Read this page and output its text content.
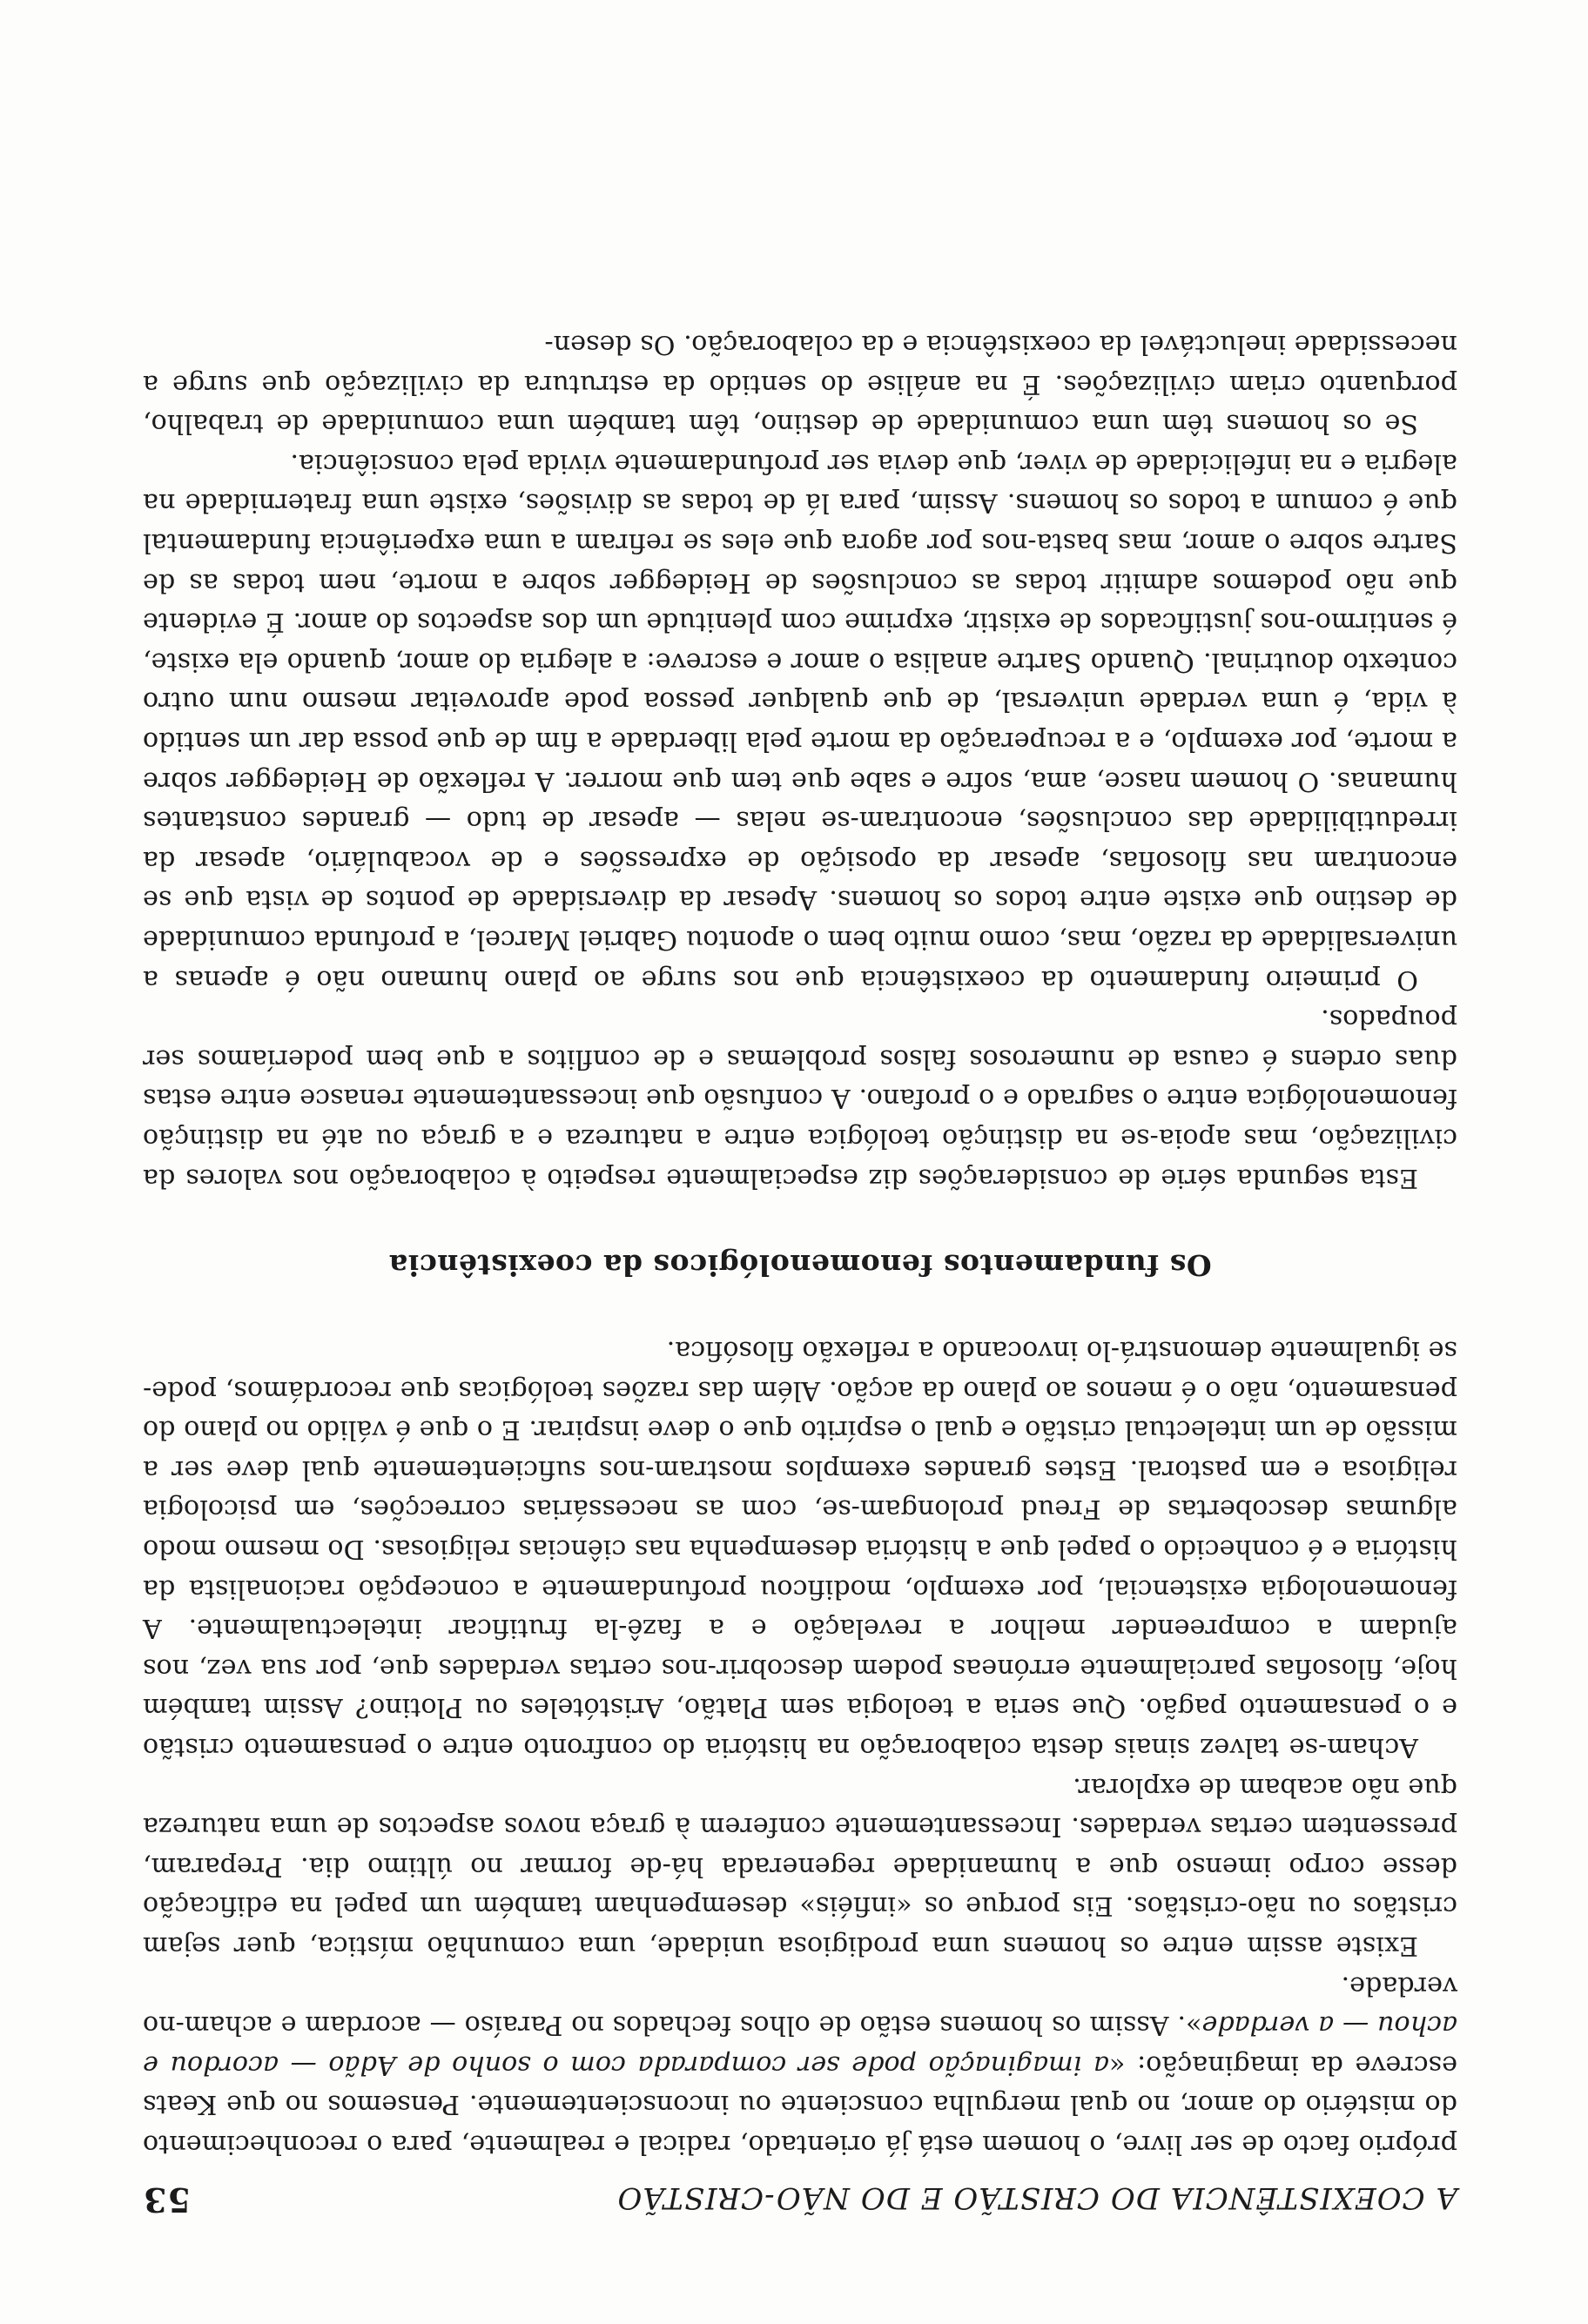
A COEXISTÊNCIA DO CRISTÃO E DO NÃO-CRISTÃO
53

próprio facto de ser livre, o homem está já orientado, radical e realmente, para o reconhecimento do mistério do amor, no qual mergulha consciente ou inconscientemente. Pensemos no que Keats escreve da imaginação: «a imaginação pode ser comparada com o sonho de Adão — acordou e achou — a verdade». Assim os homens estão de olhos fechados no Paraíso — acordam e acham-no verdade.

Existe assim entre os homens uma prodigiosa unidade, uma comunhão mística, quer sejam cristãos ou não-cristãos. Eis porque os «infiéis» desempenham também um papel na edificação desse corpo imenso que a humanidade regenerada há-de formar no último dia. Preparam, pressentem certas verdades. Incessantemente conferem à graça novos aspectos de uma natureza que não acabam de explorar.

Acham-se talvez sinais desta colaboração na história do confronto entre o pensamento cristão e o pensamento pagão. Que seria a teologia sem Platão, Aristóteles ou Plotino? Assim também hoje, filosofias parcialmente erróneas podem descobrir-nos certas verdades que, por sua vez, nos ajudam a compreender melhor a revelação e a fazê-la frutificar intelectualmente. A fenomenologia existencial, por exemplo, modificou profundamente a concepção racionalista da história e é conhecido o papel que a história desempenha nas ciências religiosas. Do mesmo modo algumas descobertas de Freud prolongam-se, com as necessárias correcções, em psicologia religiosa e em pastoral. Estes grandes exemplos mostram-nos suficientemente qual deve ser a missão de um intelectual cristão e qual o espírito que o deve inspirar. E o que é válido no plano do pensamento, não o é menos ao plano da acção. Além das razões teológicas que recordámos, pode-se igualmente demonstrá-lo invocando a reflexão filosófica.

Os fundamentos fenomenológicos da coexistência

Esta segunda série de considerações diz especialmente respeito à colaboração nos valores da civilização, mas apoia-se na distinção teológica entre a natureza e a graça ou até na distinção fenomenológica entre o sagrado e o profano. A confusão que incessantemente renasce entre estas duas ordens é causa de numerosos falsos problemas e de conflitos a que bem poderíamos ser poupados.

O primeiro fundamento da coexistência que nos surge ao plano humano não é apenas a universalidade da razão, mas, como muito bem o apontou Gabriel Marcel, a profunda comunidade de destino que existe entre todos os homens. Apesar da diversidade de pontos de vista que se encontram nas filosofias, apesar da oposição de expressões e de vocabulário, apesar da irredutibilidade das conclusões, encontram-se nelas — apesar de tudo — grandes constantes humanas. O homem nasce, ama, sofre e sabe que tem que morrer. A reflexão de Heidegger sobre a morte, por exemplo, e a recuperação da morte pela liberdade a fim de que possa dar um sentido à vida, é uma verdade universal, de que qualquer pessoa pode aproveitar mesmo num outro contexto doutrinal. Quando Sartre analisa o amor e escreve: a alegria do amor, quando ela existe, é sentirmo-nos justificados de existir, exprime com plenitude um dos aspectos do amor. É evidente que não podemos admitir todas as conclusões de Heidegger sobre a morte, nem todas as de Sartre sobre o amor, mas basta-nos por agora que eles se refiram a uma experiência fundamental que é comum a todos os homens. Assim, para lá de todas as divisões, existe uma fraternidade na alegria e na infelicidade de viver, que devia ser profundamente vivida pela consciência.

Se os homens têm uma comunidade de destino, têm também uma comunidade de trabalho, porquanto criam civilizações. É na análise do sentido da estrutura da civilização que surge a necessidade ineluctável da coexistência e da colaboração. Os desen-
